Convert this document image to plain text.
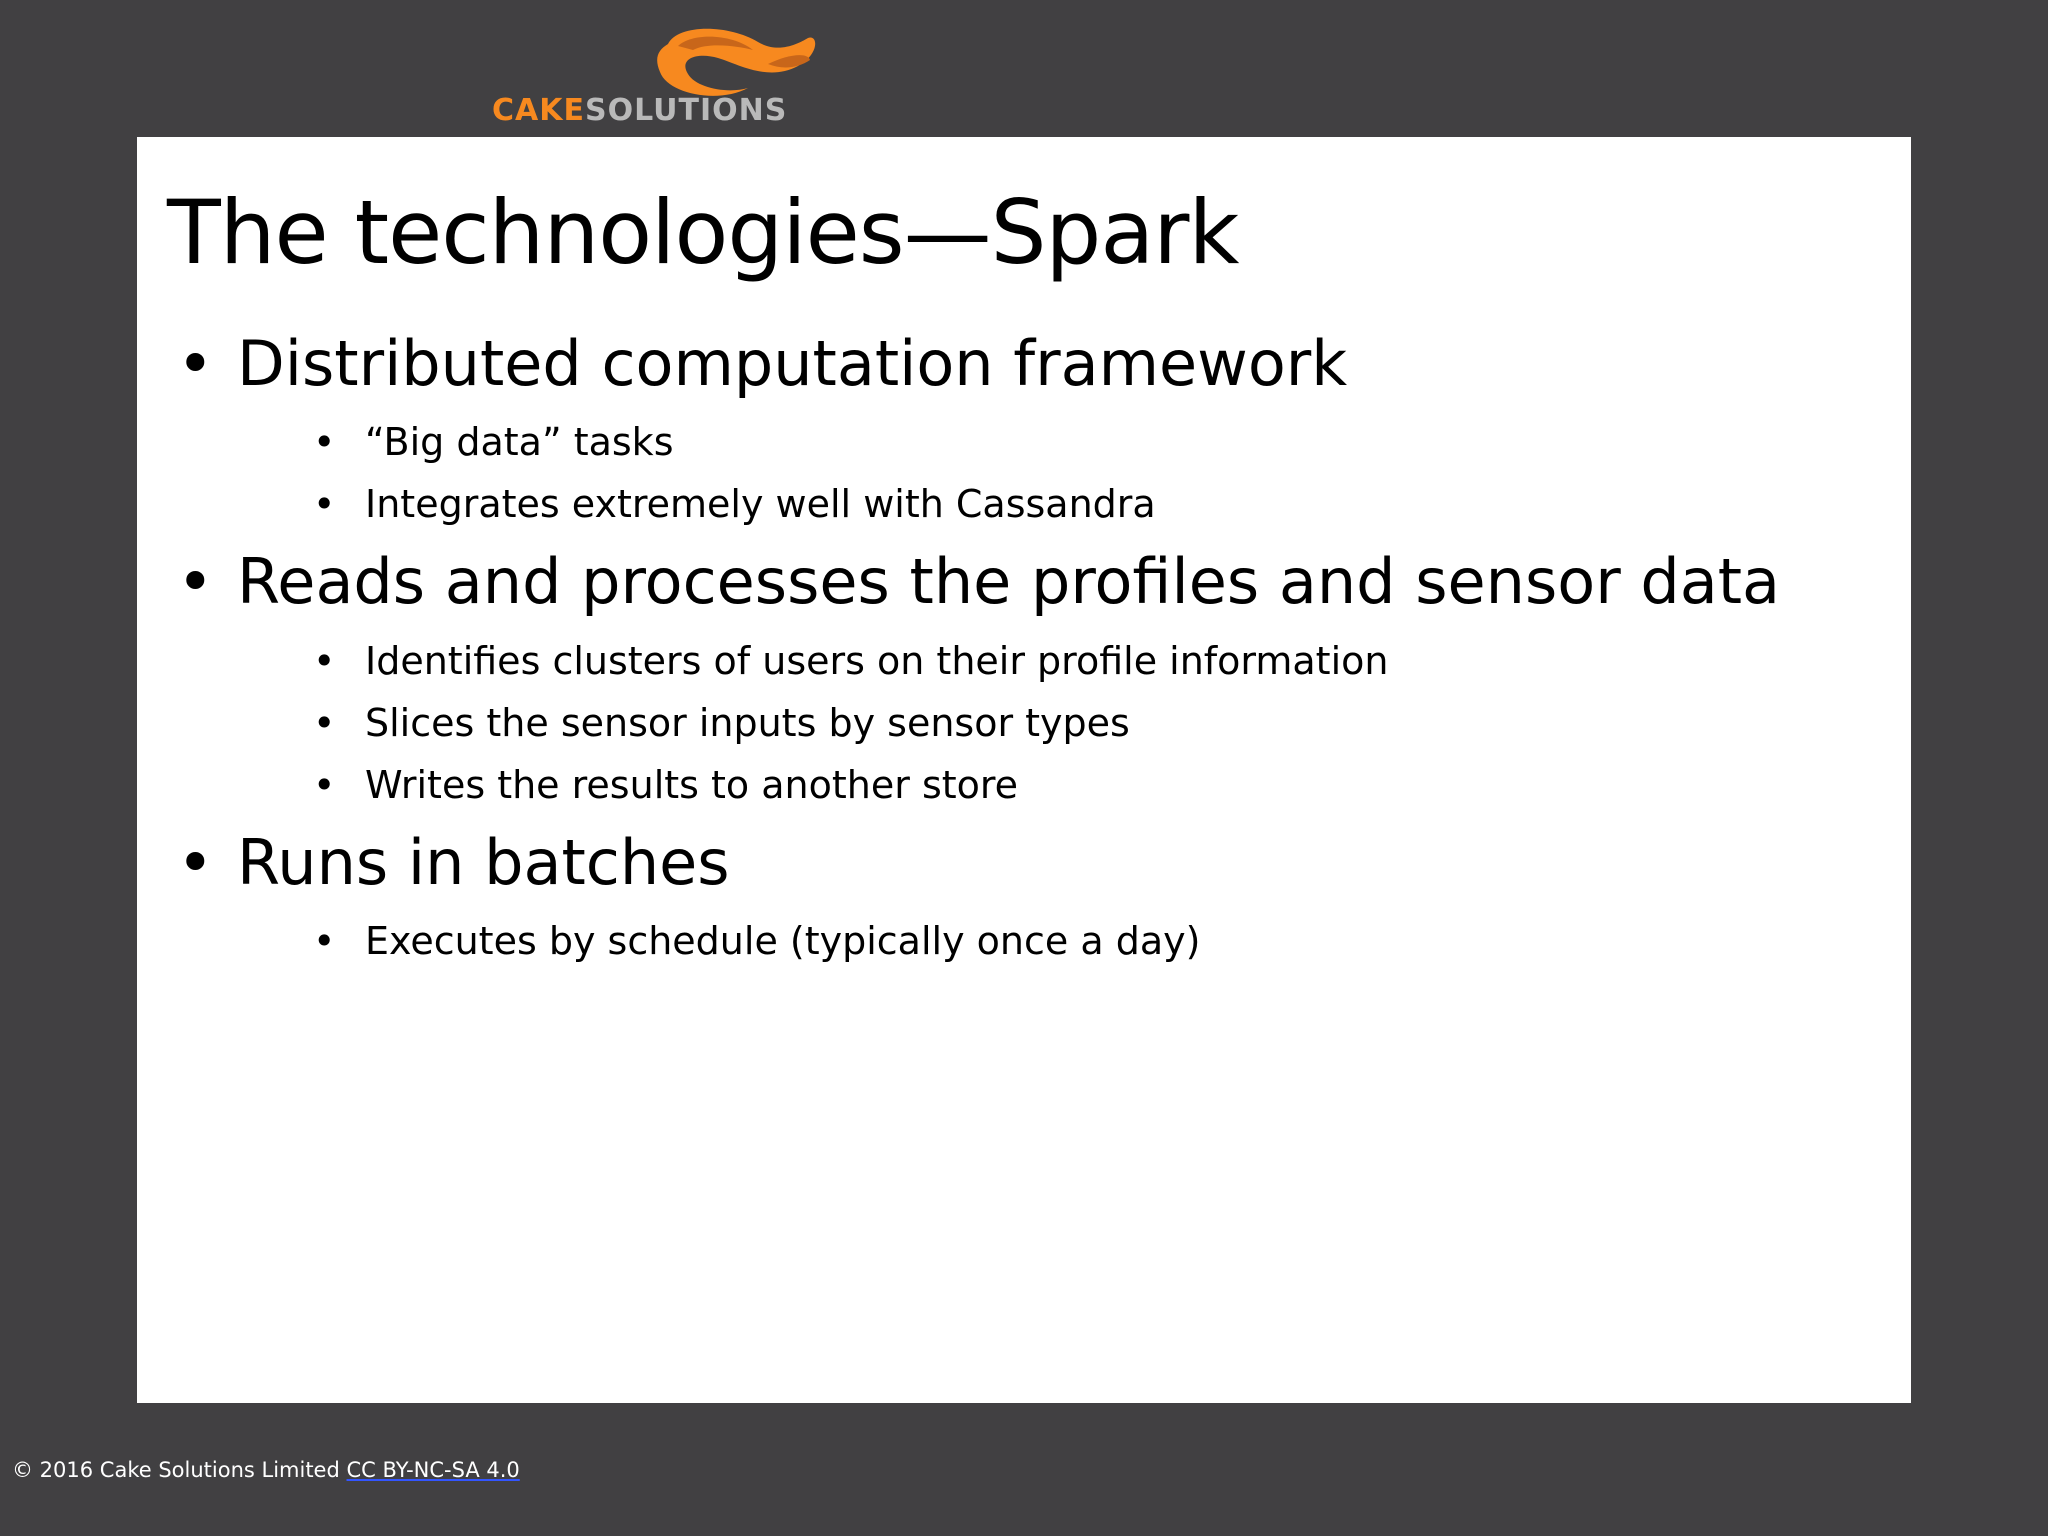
CAKESOLUTIONS
The technologies—Spark
• Distributed computation framework
• “Big data” tasks
• Integrates extremely well with Cassandra
• Reads and processes the profiles and sensor data
• Identifies clusters of users on their profile information
• Slices the sensor inputs by sensor types
• Writes the results to another store
• Runs in batches
• Executes by schedule (typically once a day)
© 2016 Cake Solutions Limited CC BY-NC-SA 4.0
